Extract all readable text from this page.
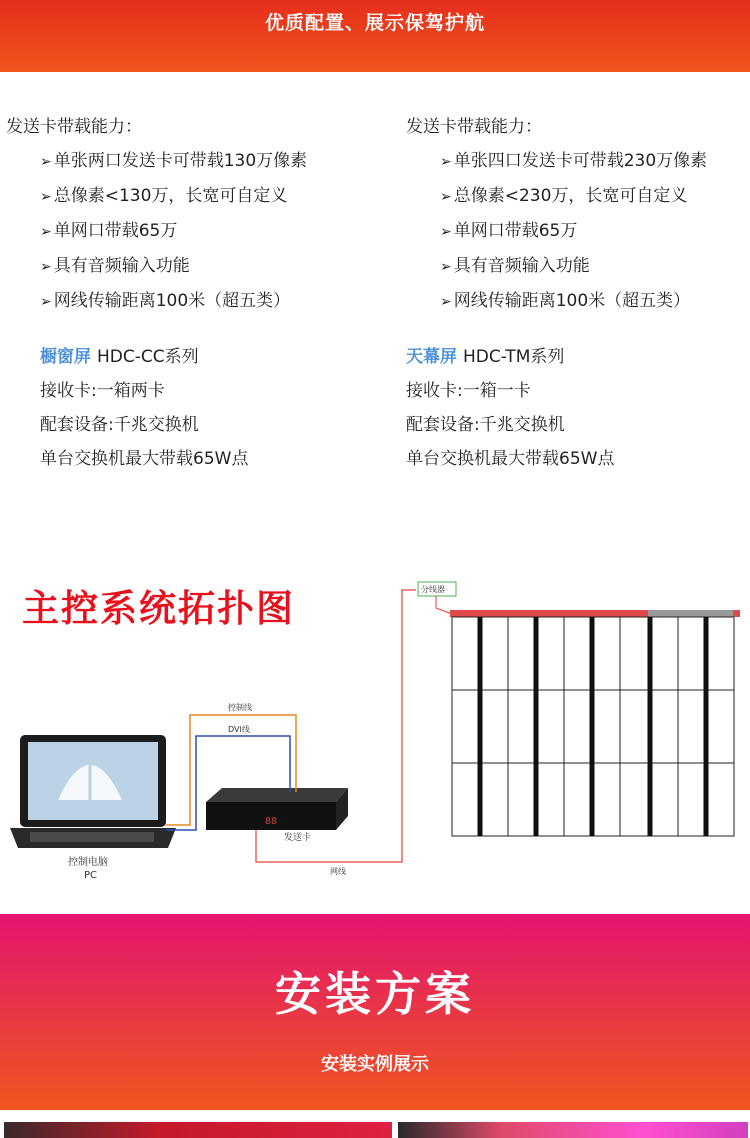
优质配置、展示保驾护航

发送卡带载能力：

➢ 单张两口发送卡可带载130万像素
➢ 总像素<130万，长宽可自定义
➢ 单网口带载65万
➢ 具有音频输入功能
➢ 网线传输距离100米（超五类）

发送卡带载能力：

➢ 单张四口发送卡可带载230万像素
➢ 总像素<230万，长宽可自定义
➢ 单网口带载65万
➢ 具有音频输入功能
➢ 网线传输距离100米（超五类）
橱窗屏 HDC-CC系列
接收卡:一箱两卡
配套设备:千兆交换机
单台交换机最大带载65W点
天幕屏 HDC-TM系列
接收卡:一箱一卡
配套设备:千兆交换机
单台交换机最大带载65W点
控制电脑
PC
88
发送卡
控制线
DVI线
网线
分线器
主控系统拓扑图
安装方案
安装实例展示
